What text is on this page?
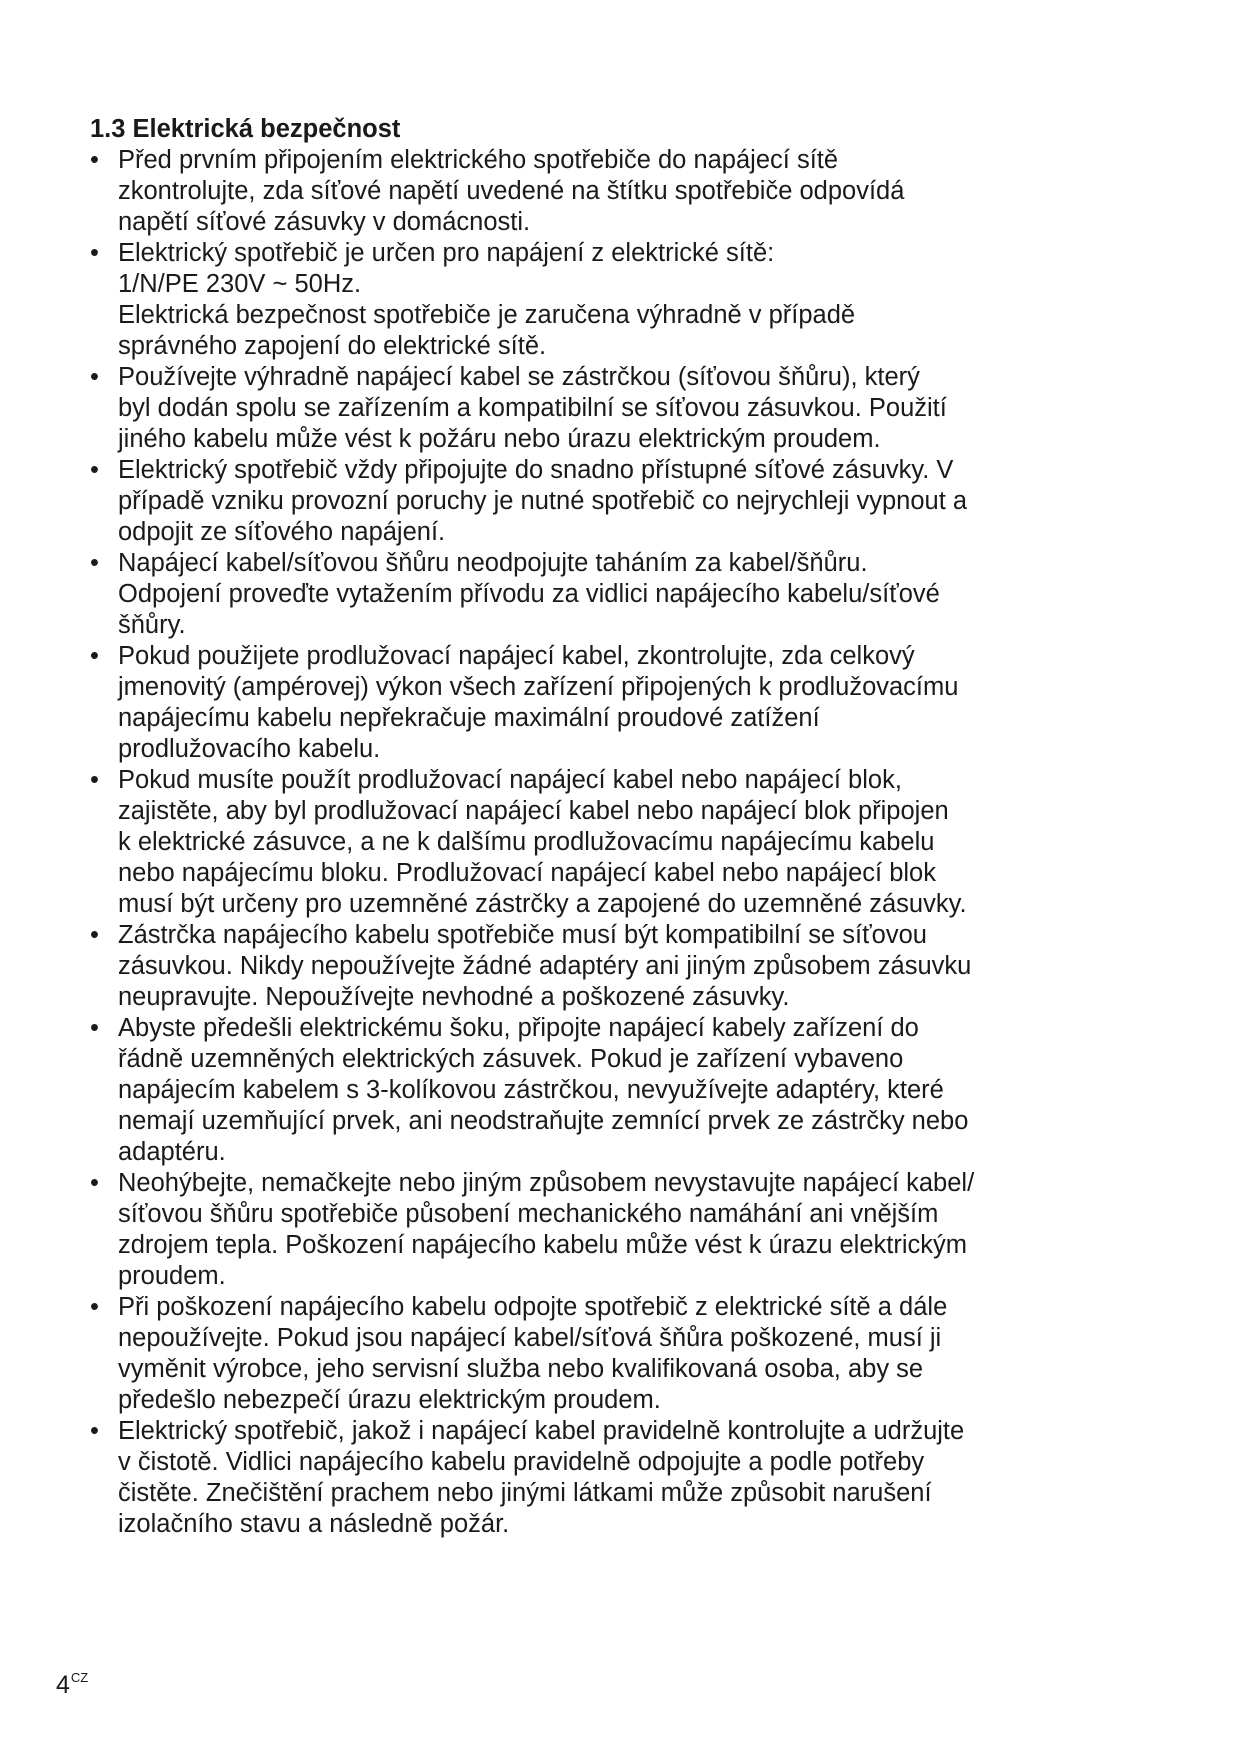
1.3 Elektrická bezpečnost
• Před prvním připojením elektrického spotřebiče do napájecí sítě
zkontrolujte, zda síťové napětí uvedené na štítku spotřebiče odpovídá
napětí síťové zásuvky v domácnosti.
• Elektrický spotřebič je určen pro napájení z elektrické sítě:
1/N/PE 230V ~ 50Hz.
Elektrická bezpečnost spotřebiče je zaručena výhradně v případě
správného zapojení do elektrické sítě.
• Používejte výhradně napájecí kabel se zástrčkou (síťovou šňůru), který
byl dodán spolu se zařízením a kompatibilní se síťovou zásuvkou. Použití
jiného kabelu může vést k požáru nebo úrazu elektrickým proudem.
• Elektrický spotřebič vždy připojujte do snadno přístupné síťové zásuvky. V
případě vzniku provozní poruchy je nutné spotřebič co nejrychleji vypnout a
odpojit ze síťového napájení.
• Napájecí kabel/síťovou šňůru neodpojujte taháním za kabel/šňůru.
Odpojení proveďte vytažením přívodu za vidlici napájecího kabelu/síťové
šňůry.
• Pokud použijete prodlužovací napájecí kabel, zkontrolujte, zda celkový
jmenovitý (ampérovej) výkon všech zařízení připojených k prodlužovacímu
napájecímu kabelu nepřekračuje maximální proudové zatížení
prodlužovacího kabelu.
• Pokud musíte použít prodlužovací napájecí kabel nebo napájecí blok,
zajistěte, aby byl prodlužovací napájecí kabel nebo napájecí blok připojen
k elektrické zásuvce, a ne k dalšímu prodlužovacímu napájecímu kabelu
nebo napájecímu bloku. Prodlužovací napájecí kabel nebo napájecí blok
musí být určeny pro uzemněné zástrčky a zapojené do uzemněné zásuvky.
• Zástrčka napájecího kabelu spotřebiče musí být kompatibilní se síťovou
zásuvkou. Nikdy nepoužívejte žádné adaptéry ani jiným způsobem zásuvku
neupravujte. Nepoužívejte nevhodné a poškozené zásuvky.
• Abyste předešli elektrickému šoku, připojte napájecí kabely zařízení do
řádně uzemněných elektrických zásuvek. Pokud je zařízení vybaveno
napájecím kabelem s 3-kolíkovou zástrčkou, nevyužívejte adaptéry, které
nemají uzemňující prvek, ani neodstraňujte zemnící prvek ze zástrčky nebo
adaptéru.
• Neohýbejte, nemačkejte nebo jiným způsobem nevystavujte napájecí kabel/
síťovou šňůru spotřebiče působení mechanického namáhání ani vnějším
zdrojem tepla. Poškození napájecího kabelu může vést k úrazu elektrickým
proudem.
• Při poškození napájecího kabelu odpojte spotřebič z elektrické sítě a dále
nepoužívejte. Pokud jsou napájecí kabel/síťová šňůra poškozené, musí ji
vyměnit výrobce, jeho servisní služba nebo kvalifikovaná osoba, aby se
předešlo nebezpečí úrazu elektrickým proudem.
• Elektrický spotřebič, jakož i napájecí kabel pravidelně kontrolujte a udržujte
v čistotě. Vidlici napájecího kabelu pravidelně odpojujte a podle potřeby
čistěte. Znečištění prachem nebo jinými látkami může způsobit narušení
izolačního stavu a následně požár.
$4^{CZ}$
